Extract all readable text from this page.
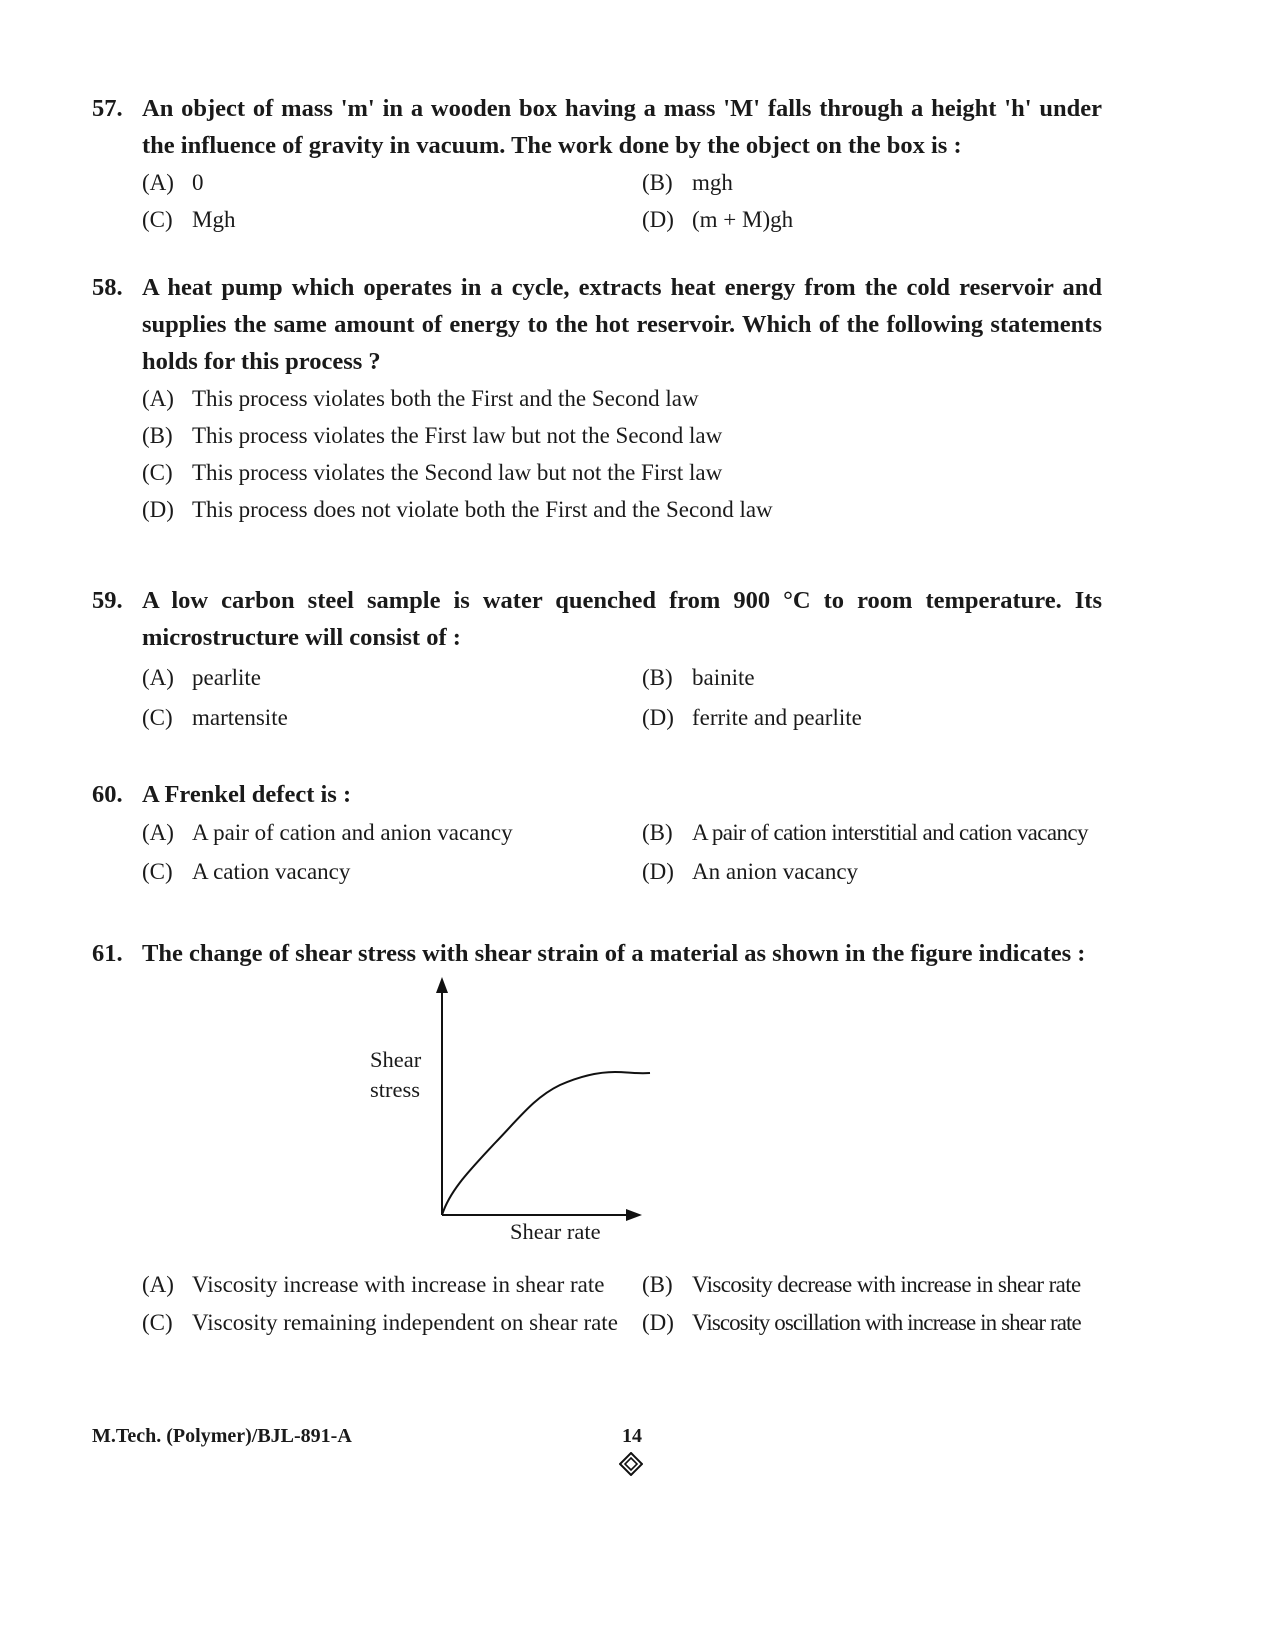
57. An object of mass 'm' in a wooden box having a mass 'M' falls through a height 'h' under the influence of gravity in vacuum. The work done by the object on the box is :
(A) 0	(B) mgh
(C) Mgh	(D) (m + M)gh
58. A heat pump which operates in a cycle, extracts heat energy from the cold reservoir and supplies the same amount of energy to the hot reservoir. Which of the following statements holds for this process ?
(A) This process violates both the First and the Second law
(B) This process violates the First law but not the Second law
(C) This process violates the Second law but not the First law
(D) This process does not violate both the First and the Second law
59. A low carbon steel sample is water quenched from 900 °C to room temperature. Its microstructure will consist of :
(A) pearlite	(B) bainite
(C) martensite	(D) ferrite and pearlite
60. A Frenkel defect is :
(A) A pair of cation and anion vacancy	(B) A pair of cation interstitial and cation vacancy
(C) A cation vacancy	(D) An anion vacancy
61. The change of shear stress with shear strain of a material as shown in the figure indicates :
Shear
stress
Shear rate
(A) Viscosity increase with increase in shear rate (B) Viscosity decrease with increase in shear rate
(C) Viscosity remaining independent on shear rate (D) Viscosity oscillation with increase in shear rate
M.Tech. (Polymer)/BJL-891-A	14
